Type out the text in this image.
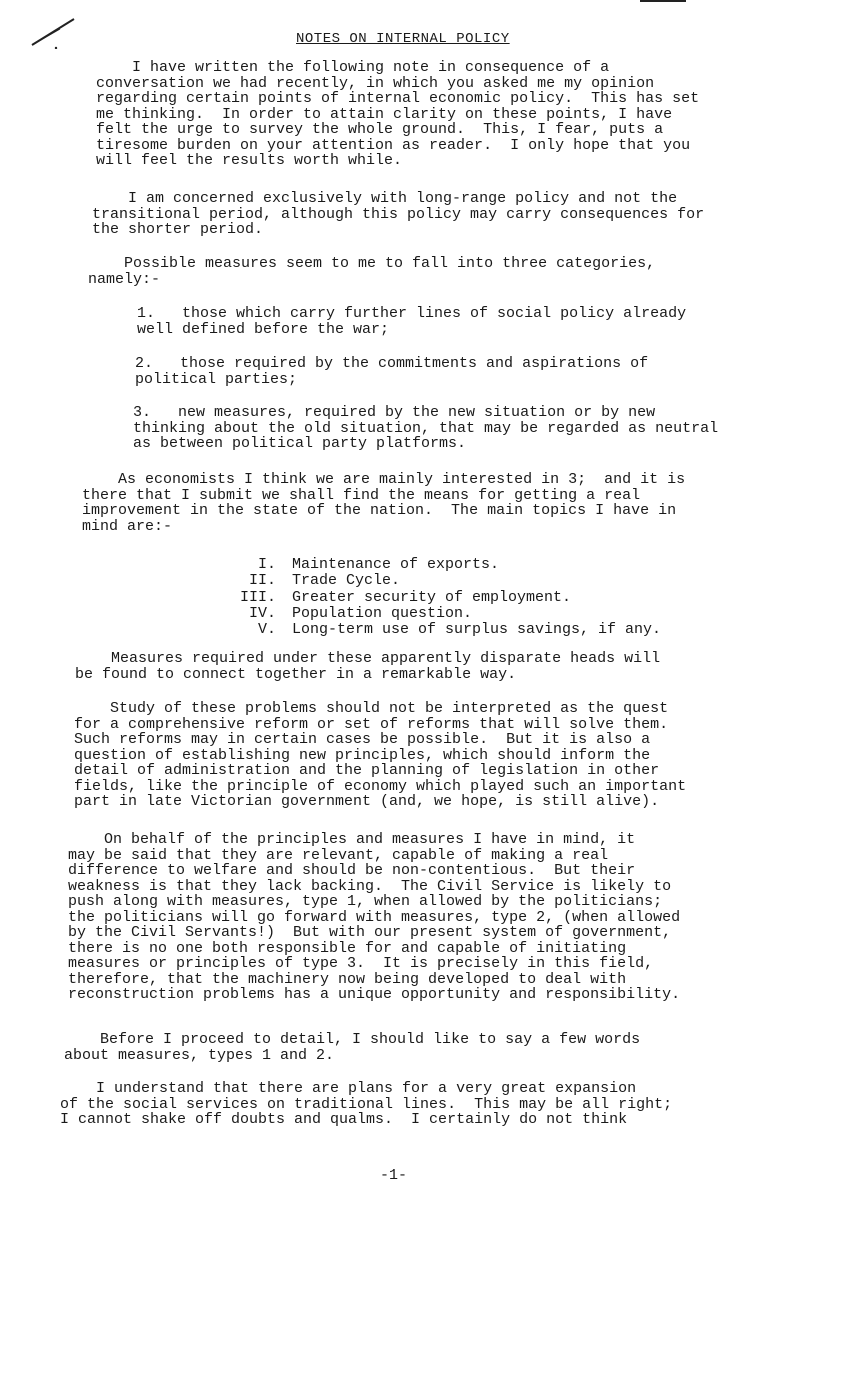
NOTES ON INTERNAL POLICY

I have written the following note in consequence of a
conversation we had recently, in which you asked me my opinion
regarding certain points of internal economic policy.  This has set
me thinking.  In order to attain clarity on these points, I have
felt the urge to survey the whole ground.  This, I fear, puts a
tiresome burden on your attention as reader.  I only hope that you
will feel the results worth while.

I am concerned exclusively with long-range policy and not the
transitional period, although this policy may carry consequences for
the shorter period.

Possible measures seem to me to fall into three categories,
namely:-

1.   those which carry further lines of social policy already
well defined before the war;

2.   those required by the commitments and aspirations of
political parties;

3.   new measures, required by the new situation or by new
thinking about the old situation, that may be regarded as neutral
as between political party platforms.

As economists I think we are mainly interested in 3;  and it is
there that I submit we shall find the means for getting a real
improvement in the state of the nation.  The main topics I have in
mind are:-

I. Maintenance of exports.
II. Trade Cycle.
III. Greater security of employment.
IV. Population question.
V. Long-term use of surplus savings, if any.

Measures required under these apparently disparate heads will
be found to connect together in a remarkable way.

Study of these problems should not be interpreted as the quest
for a comprehensive reform or set of reforms that will solve them.
Such reforms may in certain cases be possible.  But it is also a
question of establishing new principles, which should inform the
detail of administration and the planning of legislation in other
fields, like the principle of economy which played such an important
part in late Victorian government (and, we hope, is still alive).

On behalf of the principles and measures I have in mind, it
may be said that they are relevant, capable of making a real
difference to welfare and should be non-contentious.  But their
weakness is that they lack backing.  The Civil Service is likely to
push along with measures, type 1, when allowed by the politicians;
the politicians will go forward with measures, type 2, (when allowed
by the Civil Servants!)  But with our present system of government,
there is no one both responsible for and capable of initiating
measures or principles of type 3.  It is precisely in this field,
therefore, that the machinery now being developed to deal with
reconstruction problems has a unique opportunity and responsibility.

Before I proceed to detail, I should like to say a few words
about measures, types 1 and 2.

I understand that there are plans for a very great expansion
of the social services on traditional lines.  This may be all right;
I cannot shake off doubts and qualms.  I certainly do not think

-1-
